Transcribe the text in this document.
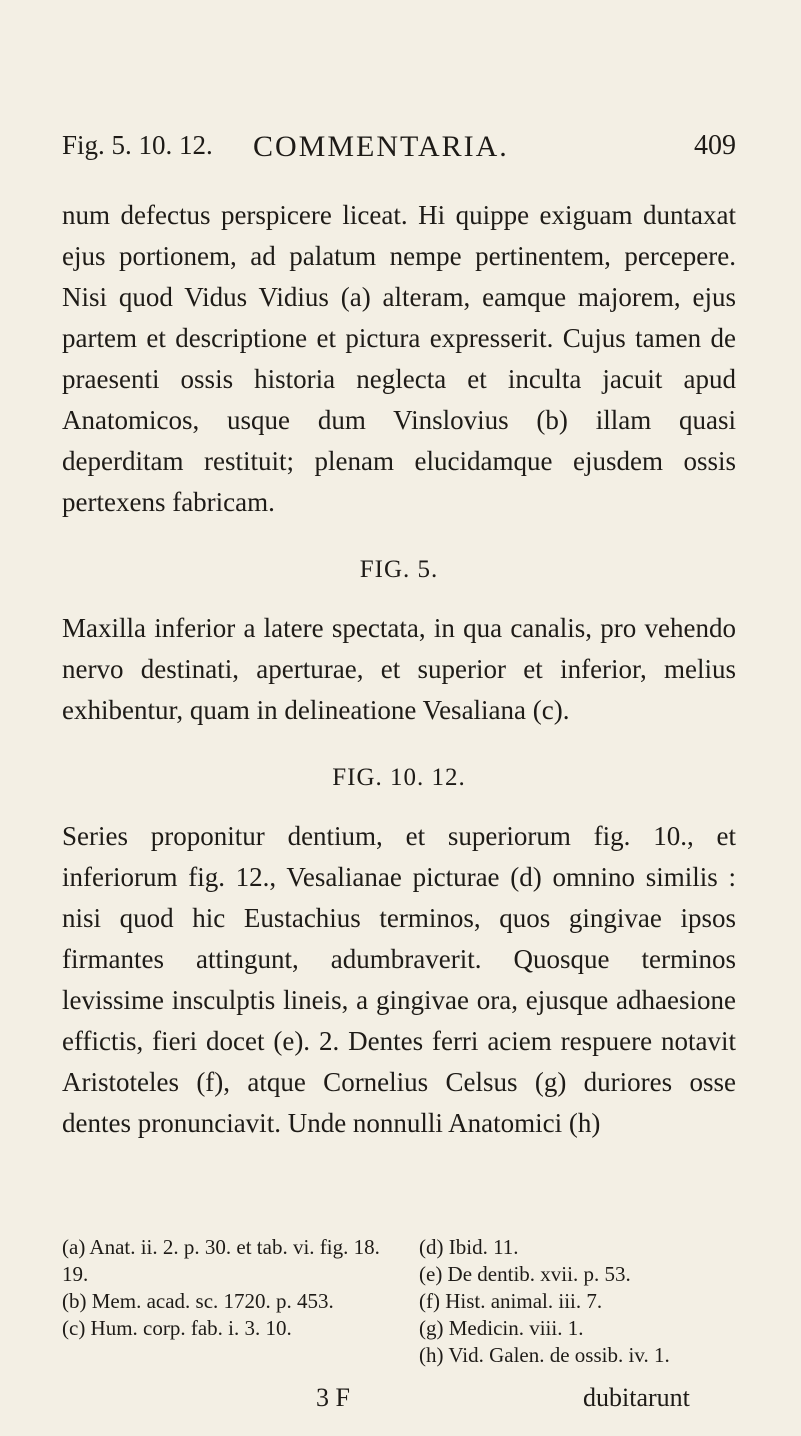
Fig. 5. 10. 12. COMMENTARIA.	409

num defectus perspicere liceat. Hi quippe exiguam duntaxat ejus portionem, ad palatum nempe pertinentem, percepere. Nisi quod Vidus Vidius (a) alteram, eamque majorem, ejus partem et descriptione et pictura expresserit. Cujus tamen de praesenti ossis historia neglecta et inculta jacuit apud Anatomicos, usque dum Vinslovius (b) illam quasi deperditam restituit; plenam elucidamque ejusdem ossis pertexens fabricam.

FIG. 5.

Maxilla inferior a latere spectata, in qua canalis, pro vehendo nervo destinati, aperturae, et superior et inferior, melius exhibentur, quam in delineatione Vesaliana (c).

FIG. 10. 12.

Series proponitur dentium, et superiorum fig. 10., et inferiorum fig. 12., Vesalianae picturae (d) omnino similis : nisi quod hic Eustachius terminos, quos gingivae ipsos firmantes attingunt, adumbraverit. Quosque terminos levissime insculptis lineis, a gingivae ora, ejusque adhaesione effictis, fieri docet (e). 2. Dentes ferri aciem respuere notavit Aristoteles (f), atque Cornelius Celsus (g) duriores osse dentes pronunciavit. Unde nonnulli Anatomici (h)

(a) Anat. ii. 2. p. 30. et tab. vi. fig. 18. 19.

(b) Mem. acad. sc. 1720. p. 453.

(c) Hum. corp. fab. i. 3. 10.

(d) Ibid. 11.

(e) De dentib. xvii. p. 53.

(f) Hist. animal. iii. 7.

(g) Medicin. viii. 1.

(h) Vid. Galen. de ossib. iv. 1.

3 F	dubitarunt
